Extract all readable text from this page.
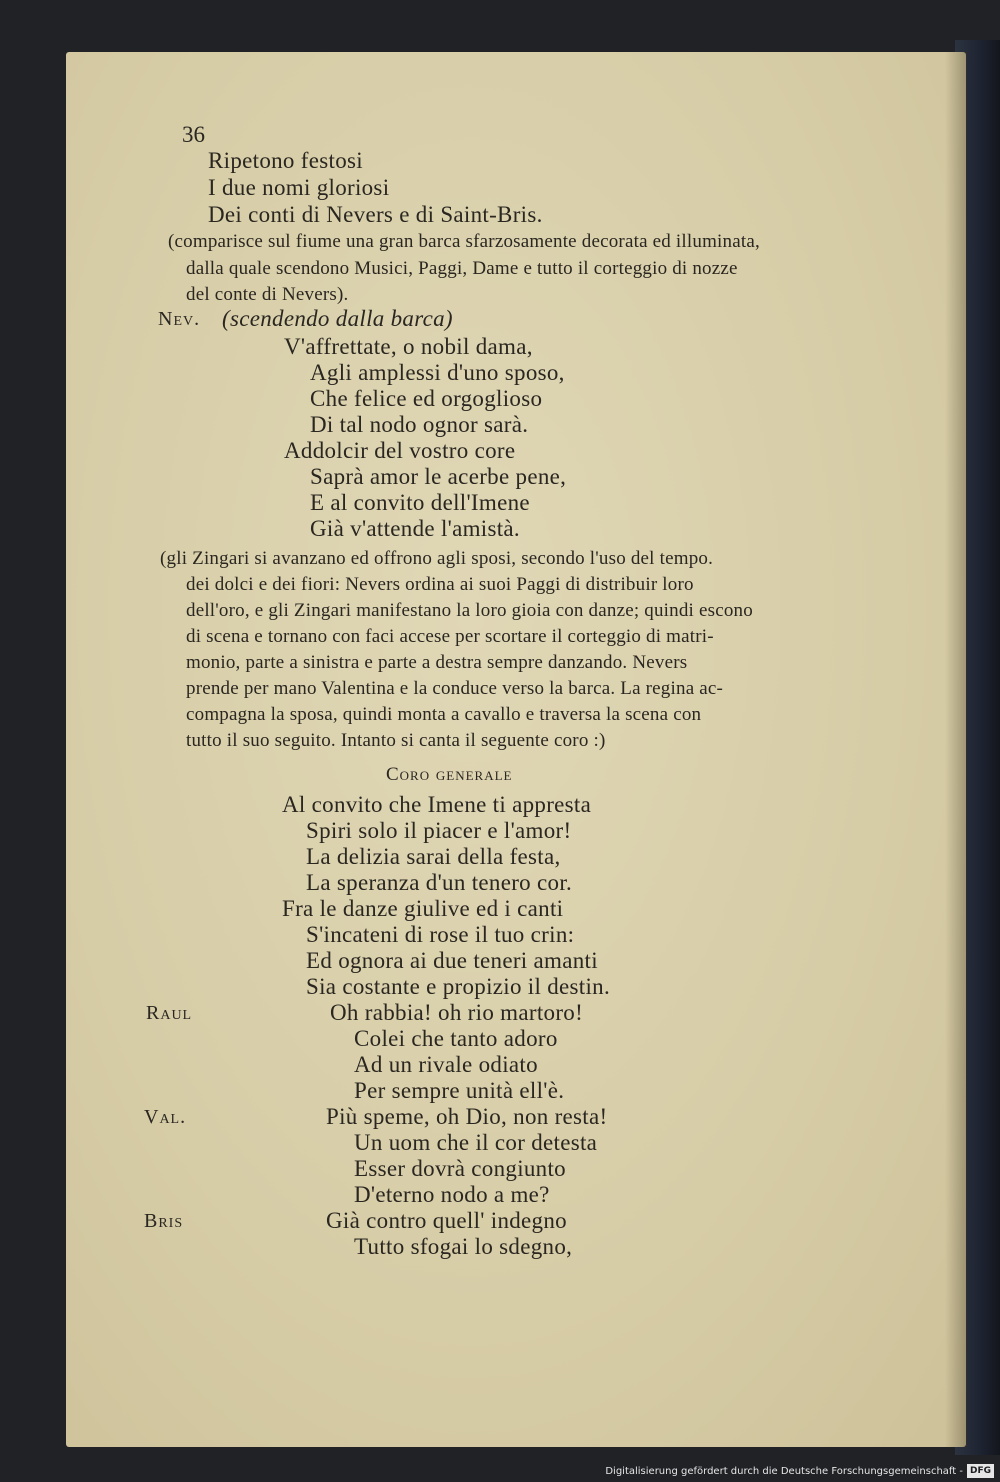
36
Ripetono festosi
I due nomi gloriosi
Dei conti di Nevers e di Saint-Bris.
(comparisce sul fiume una gran barca sfarzosamente decorata ed illuminata,
dalla quale scendono Musici, Paggi, Dame e tutto il corteggio di nozze
del conte di Nevers).
Nev. (scendendo dalla barca)
V'affrettate, o nobil dama,
Agli amplessi d'uno sposo,
Che felice ed orgoglioso
Di tal nodo ognor sarà.
Addolcir del vostro core
Saprà amor le acerbe pene,
E al convito dell'Imene
Già v'attende l'amistà.
(gli Zingari si avanzano ed offrono agli sposi, secondo l'uso del tempo.
dei dolci e dei fiori: Nevers ordina ai suoi Paggi di distribuir loro
dell'oro, e gli Zingari manifestano la loro gioia con danze; quindi escono
di scena e tornano con faci accese per scortare il corteggio di matri-
monio, parte a sinistra e parte a destra sempre danzando. Nevers
prende per mano Valentina e la conduce verso la barca. La regina ac-
compagna la sposa, quindi monta a cavallo e traversa la scena con
tutto il suo seguito. Intanto si canta il seguente coro :)
Coro generale
Al convito che Imene ti appresta
Spiri solo il piacer e l'amor!
La delizia sarai della festa,
La speranza d'un tenero cor.
Fra le danze giulive ed i canti
S'incateni di rose il tuo crin:
Ed ognora ai due teneri amanti
Sia costante e propizio il destin.
Raul	Oh rabbia! oh rio martoro!
Colei che tanto adoro
Ad un rivale odiato
Per sempre unità ell'è.
Val.	Più speme, oh Dio, non resta!
Un uom che il cor detesta
Esser dovrà congiunto
D'eterno nodo a me?
Bris	Già contro quell' indegno
Tutto sfogai lo sdegno,
Digitalisierung gefördert durch die Deutsche Forschungsgemeinschaft - DFG
